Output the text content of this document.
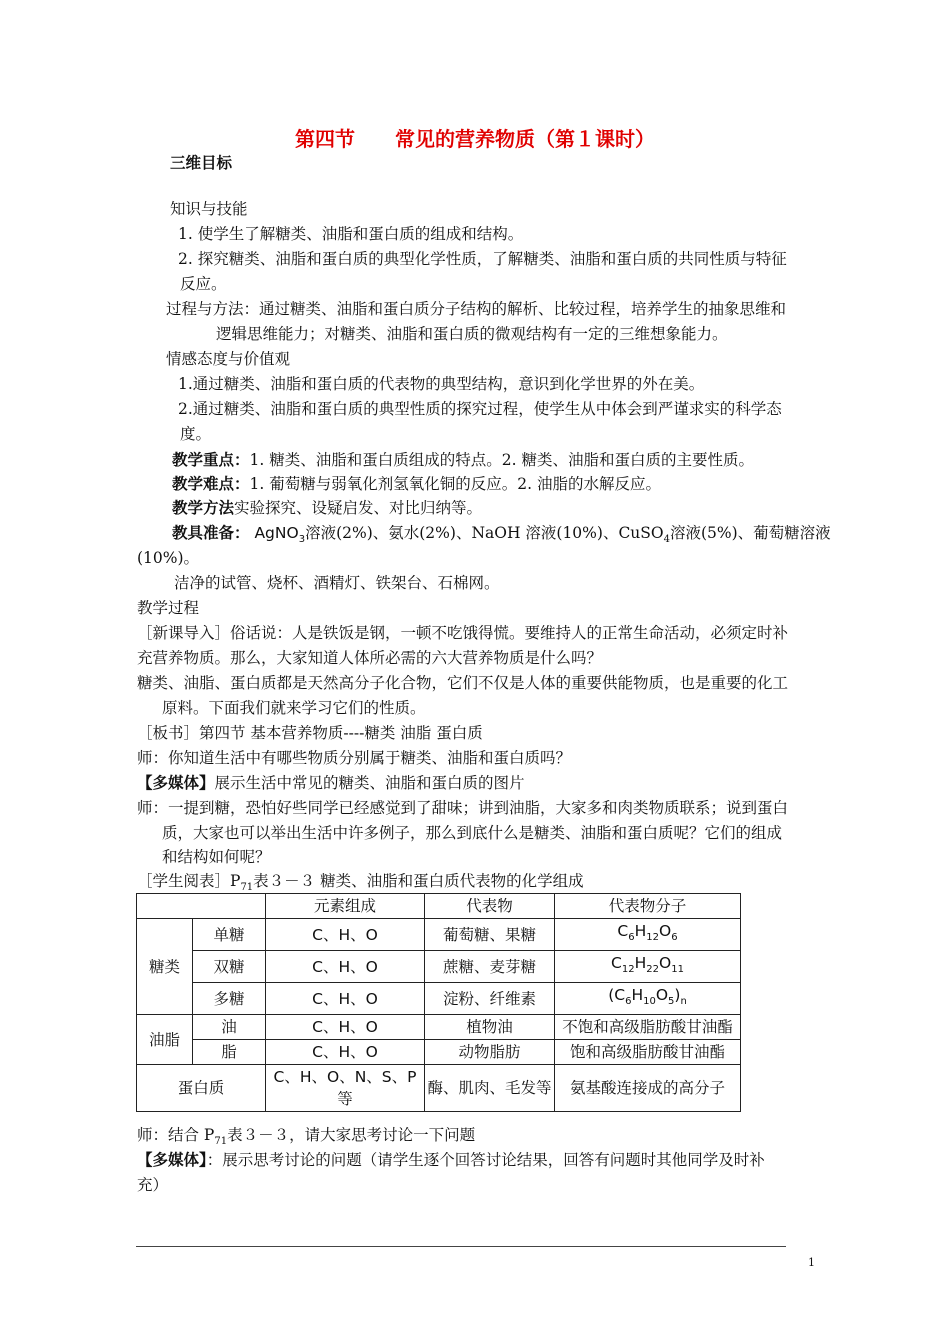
第四节　　常见的营养物质（第１课时）
三维目标
知识与技能
1. 使学生了解糖类、油脂和蛋白质的组成和结构。
2. 探究糖类、油脂和蛋白质的典型化学性质，了解糖类、油脂和蛋白质的共同性质与特征
反应。
过程与方法：通过糖类、油脂和蛋白质分子结构的解析、比较过程，培养学生的抽象思维和
逻辑思维能力；对糖类、油脂和蛋白质的微观结构有一定的三维想象能力。
情感态度与价值观
1.通过糖类、油脂和蛋白质的代表物的典型结构，意识到化学世界的外在美。
2.通过糖类、油脂和蛋白质的典型性质的探究过程，使学生从中体会到严谨求实的科学态
度。
教学重点：1. 糖类、油脂和蛋白质组成的特点。2. 糖类、油脂和蛋白质的主要性质。
教学难点：1. 葡萄糖与弱氧化剂氢氧化铜的反应。2. 油脂的水解反应。
教学方法实验探究、设疑启发、对比归纳等。
教具准备： AgNO$_3$溶液(2%)、氨水(2%)、NaOH 溶液(10%)、CuSO$_4$溶液(5%)、葡萄糖溶液
(10%)。
洁净的试管、烧杯、酒精灯、铁架台、石棉网。
教学过程
［新课导入］俗话说：人是铁饭是钢，一顿不吃饿得慌。要维持人的正常生命活动，必须定时补
充营养物质。那么，大家知道人体所必需的六大营养物质是什么吗？
糖类、油脂、蛋白质都是天然高分子化合物，它们不仅是人体的重要供能物质，也是重要的化工
原料。下面我们就来学习它们的性质。
［板书］第四节 基本营养物质----糖类 油脂 蛋白质
师：你知道生活中有哪些物质分别属于糖类、油脂和蛋白质吗？
【多媒体】展示生活中常见的糖类、油脂和蛋白质的图片
师：一提到糖，恐怕好些同学已经感觉到了甜味；讲到油脂，大家多和肉类物质联系；说到蛋白
质，大家也可以举出生活中许多例子，那么到底什么是糖类、油脂和蛋白质呢？它们的组成
和结构如何呢？
［学生阅表$]P_{71}$表３－３ 糖类、油脂和蛋白质代表物的化学组成
		元素组成	代表物	代表物分子
糖类	单糖	C、H、O	葡萄糖、果糖	$C_6H_{12}O_6$
	双糖	C、H、O	蔗糖、麦芽糖	$C_{12}H_{22}O_{11}$
	多糖	C、H、O	淀粉、纤维素	$(C_6H_{10}O_5)_n$
油脂	油	C、H、O	植物油	不饱和高级脂肪酸甘油酯
	脂	C、H、O	动物脂肪	饱和高级脂肪酸甘油酯
蛋白质		C、H、O、N、S、P 等	酶、肌肉、毛发等	氨基酸连接成的高分子
师：结合 $P_{71}$表３－３，请大家思考讨论一下问题
【多媒体】：展示思考讨论的问题（请学生逐个回答讨论结果，回答有问题时其他同学及时补
充）
1
